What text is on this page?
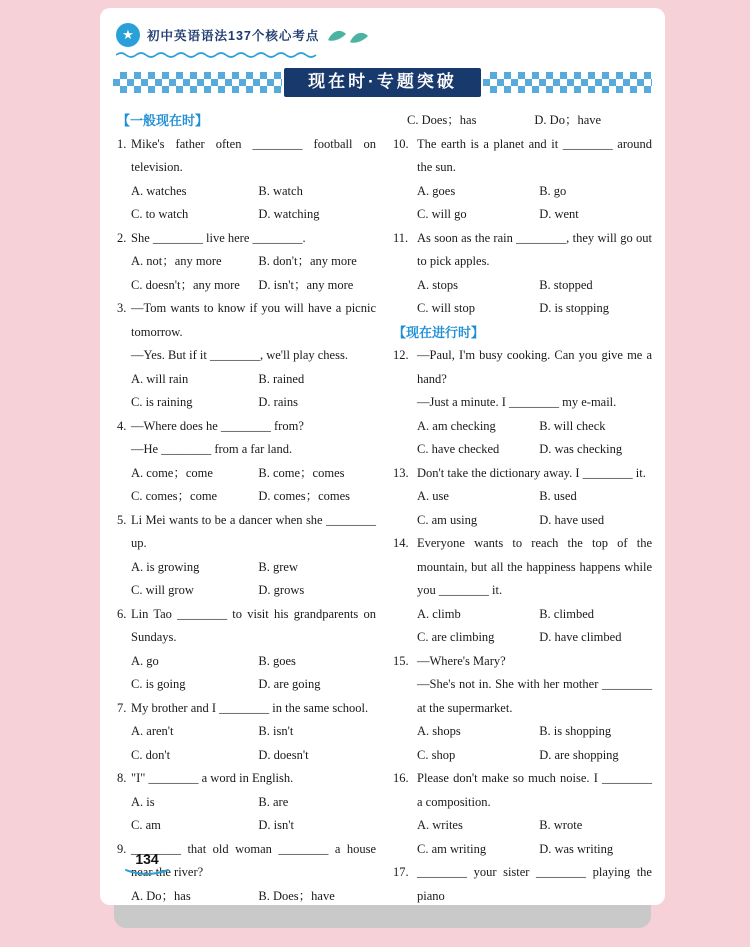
★	初中英语语法137个核心考点
现在时·专题突破
【一般现在时】
1. Mike's father often ________ football on television.
A. watches	B. watch
C. to watch	D. watching
2. She ________ live here ________.
A. not；any more	B. don't；any more
C. doesn't；any more	D. isn't；any more
3. —Tom wants to know if you will have a picnic tomorrow.
—Yes. But if it ________, we'll play chess.
A. will rain	B. rained
C. is raining	D. rains
4. —Where does he ________ from?
—He ________ from a far land.
A. come；come	B. come；comes
C. comes；come	D. comes；comes
5. Li Mei wants to be a dancer when she ________ up.
A. is growing	B. grew
C. will grow	D. grows
6. Lin Tao ________ to visit his grandparents on Sundays.
A. go	B. goes
C. is going	D. are going
7. My brother and I ________ in the same school.
A. aren't	B. isn't
C. don't	D. doesn't
8. "I" ________ a word in English.
A. is	B. are
C. am	D. isn't
9. ________ that old woman ________ a house near the river?
A. Do；has	B. Does；have
C. Does；has	D. Do；have
10. The earth is a planet and it ________ around the sun.
A. goes	B. go
C. will go	D. went
11. As soon as the rain ________, they will go out to pick apples.
A. stops	B. stopped
C. will stop	D. is stopping
【现在进行时】
12. —Paul, I'm busy cooking. Can you give me a hand?
—Just a minute. I ________ my e-mail.
A. am checking	B. will check
C. have checked	D. was checking
13. Don't take the dictionary away. I ________ it.
A. use	B. used
C. am using	D. have used
14. Everyone wants to reach the top of the mountain, but all the happiness happens while you ________ it.
A. climb	B. climbed
C. are climbing	D. have climbed
15. —Where's Mary?
—She's not in. She with her mother ________ at the supermarket.
A. shops	B. is shopping
C. shop	D. are shopping
16. Please don't make so much noise. I ________ a composition.
A. writes	B. wrote
C. am writing	D. was writing
17. ________ your sister ________ playing the piano
134
